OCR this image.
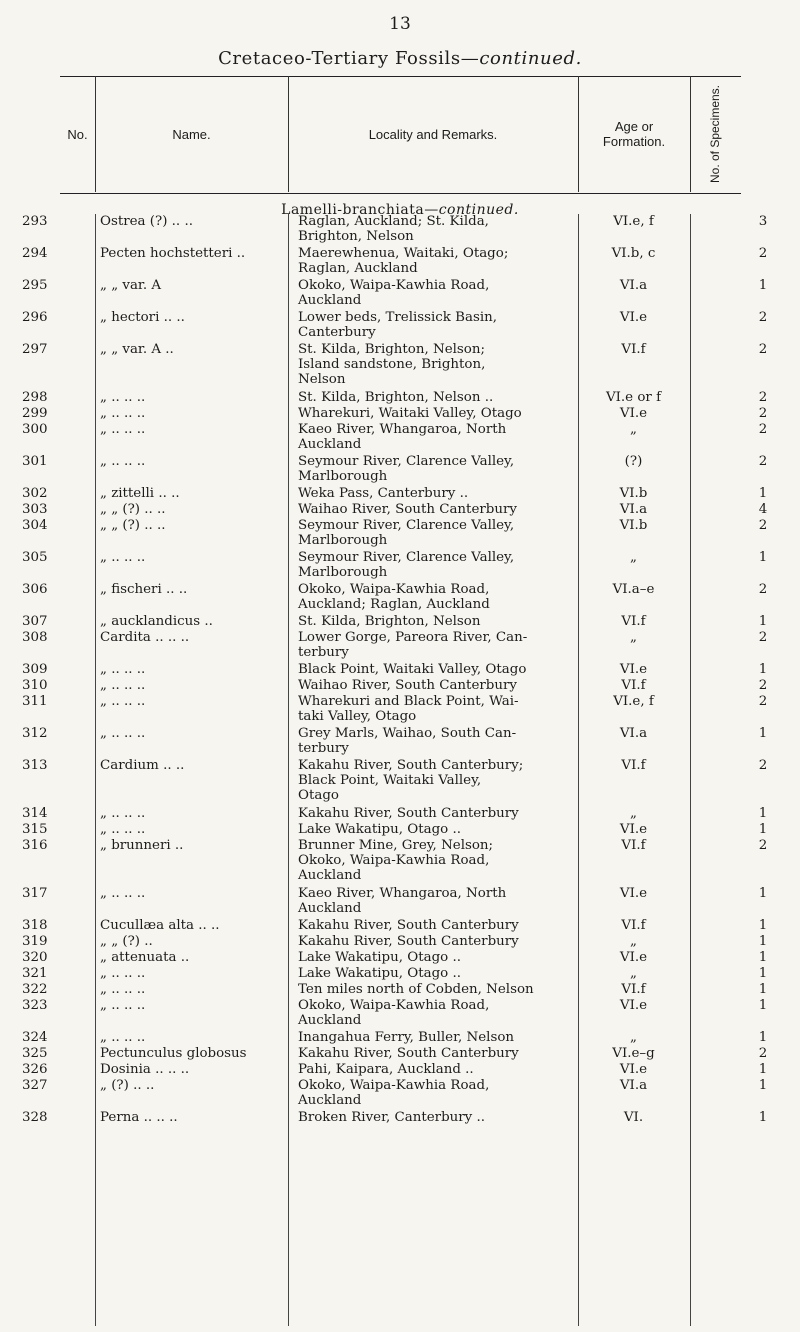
13
Cretaceo-Tertiary Fossils—continued.
No.	Name.	Locality and Remarks.	Age or
Formation.	No. of Specimens.
Lamelli-branchiata—continued.
293	Ostrea (?) .. ..	Raglan, Auckland; St. Kilda,
Brighton, Nelson
VI.e, f	3
294	Pecten hochstetteri ..	Maerewhenua, Waitaki, Otago;
Raglan, Auckland
VI.b, c	2
295	„ „ var. A	Okoko, Waipa-Kawhia Road,
Auckland
VI.a	1
296	„ hectori .. ..	Lower beds, Trelissick Basin,
Canterbury
VI.e	2
297	„ „ var. A ..	St. Kilda, Brighton, Nelson;
Island sandstone, Brighton,
Nelson
VI.f	2
298	„ .. .. ..	St. Kilda, Brighton, Nelson ..	VI.e or f	2
299	„ .. .. ..	Wharekuri, Waitaki Valley, Otago	VI.e	2
300	„ .. .. ..	Kaeo River, Whangaroa, North
Auckland
„	2
301	„ .. .. ..	Seymour River, Clarence Valley,
Marlborough
(?)	2
302	„ zittelli .. ..	Weka Pass, Canterbury ..	VI.b	1
303	„ „ (?) .. ..	Waihao River, South Canterbury	VI.a	4
304	„ „ (?) .. ..	Seymour River, Clarence Valley,
Marlborough
VI.b	2
305	„ .. .. ..	Seymour River, Clarence Valley,
Marlborough
„	1
306	„ fischeri .. ..	Okoko, Waipa-Kawhia Road,
Auckland; Raglan, Auckland
VI.a–e	2
307	„ aucklandicus ..	St. Kilda, Brighton, Nelson	VI.f	1
308	Cardita .. .. ..	Lower Gorge, Pareora River, Can-
terbury
„	2
309	„ .. .. ..	Black Point, Waitaki Valley, Otago	VI.e	1
310	„ .. .. ..	Waihao River, South Canterbury	VI.f	2
311	„ .. .. ..	Wharekuri and Black Point, Wai-
taki Valley, Otago
VI.e, f	2
312	„ .. .. ..	Grey Marls, Waihao, South Can-
terbury
VI.a	1
313	Cardium .. ..	Kakahu River, South Canterbury;
Black Point, Waitaki Valley,
Otago
VI.f	2
314	„ .. .. ..	Kakahu River, South Canterbury	„	1
315	„ .. .. ..	Lake Wakatipu, Otago ..	VI.e	1
316	„ brunneri ..	Brunner Mine, Grey, Nelson;
Okoko, Waipa-Kawhia Road,
Auckland
VI.f	2
317	„ .. .. ..	Kaeo River, Whangaroa, North
Auckland
VI.e	1
318	Cucullæa alta .. ..	Kakahu River, South Canterbury	VI.f	1
319	„ „ (?) ..	Kakahu River, South Canterbury	„	1
320	„ attenuata ..	Lake Wakatipu, Otago ..	VI.e	1
321	„ .. .. ..	Lake Wakatipu, Otago ..	„	1
322	„ .. .. ..	Ten miles north of Cobden, Nelson	VI.f	1
323	„ .. .. ..	Okoko, Waipa-Kawhia Road,
Auckland
VI.e	1
324	„ .. .. ..	Inangahua Ferry, Buller, Nelson	„	1
325	Pectunculus globosus	Kakahu River, South Canterbury	VI.e–g	2
326	Dosinia .. .. ..	Pahi, Kaipara, Auckland ..	VI.e	1
327	„ (?) .. ..	Okoko, Waipa-Kawhia Road,
Auckland
VI.a	1
328	Perna .. .. ..	Broken River, Canterbury ..	VI.	1
